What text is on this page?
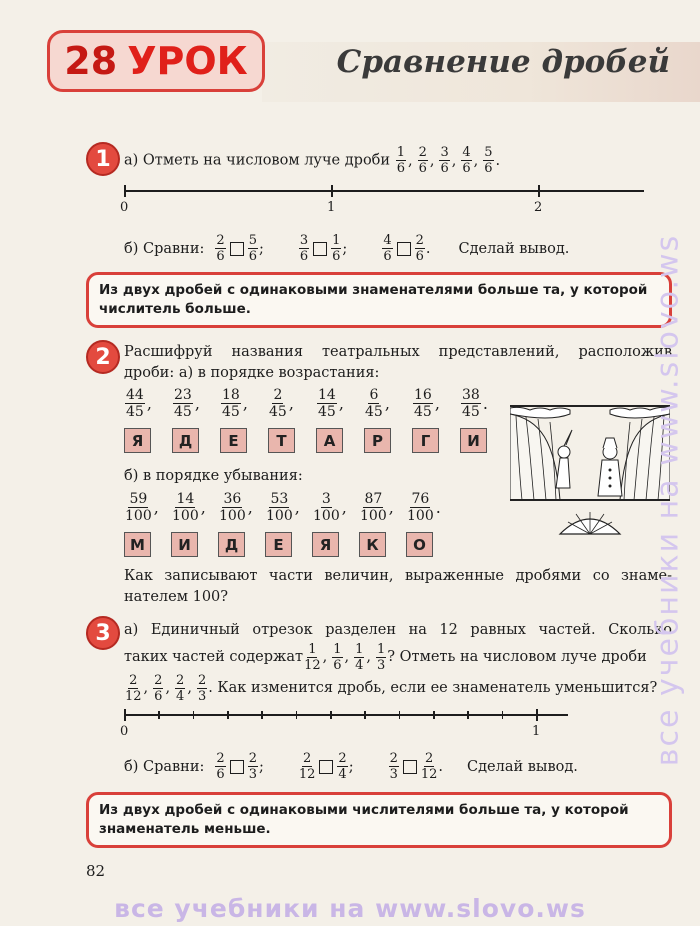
28 УРОК	Сравнение дробей
1 а) Отметь на числовом луче дроби $\frac{1}{6}$ , $\frac{2}{6}$ , $\frac{3}{6}$ , $\frac{4}{6}$ , $\frac{5}{6}$ .
0	1	2
б) Сравни: $\frac{2}{6} \frac{5}{6}$ ;	$\frac{3}{6} \frac{1}{6}$ ;	$\frac{4}{6} \frac{2}{6}$ . Сделай вывод.
Из двух дробей с одинаковыми знаменателями больше та, у которой числитель больше.
2 Расшифруй названия театральных представлений, расположив
дроби: а) в порядке возрастания:
$\frac{44}{45}$ , $\frac{23}{45}$ , $\frac{18}{45}$ , $\frac{2}{45}$ , $\frac{14}{45}$ , $\frac{6}{45}$ , $\frac{16}{45}$ , $\frac{38}{45}$ .
Я	Д	Е	Т	А	Р	Г	И
б) в порядке убывания:
$\frac{59}{100}$ , $\frac{14}{100}$ , $\frac{36}{100}$ , $\frac{53}{100}$ , $\frac{3}{100}$ , $\frac{87}{100}$ , $\frac{76}{100}$ .
М	И	Д	Е	Я	К	О
Как записывают части величин, выраженные дробями со знаме-
нателем 100?
3 а) Единичный отрезок разделен на 12 равных частей. Сколько
таких частей содержат $\frac{1}{12}$ , $\frac{1}{6}$ , $\frac{1}{4}$ , $\frac{1}{3}$ ? Отметь на числовом луче дроби
$\frac{2}{12}$ , $\frac{2}{6}$ , $\frac{2}{4}$ , $\frac{2}{3}$ . Как изменится дробь, если ее знаменатель уменьшится?
0	1
б) Сравни: $\frac{2}{6} \frac{2}{3}$ ;	$\frac{2}{12} \frac{2}{4}$ ;	$\frac{2}{3} \frac{2}{12}$ . Сделай вывод.
Из двух дробей с одинаковыми числителями больше та, у которой знаменатель меньше.
82
все учебники на www.slovo.ws
все учебники на www.slovo.ws
